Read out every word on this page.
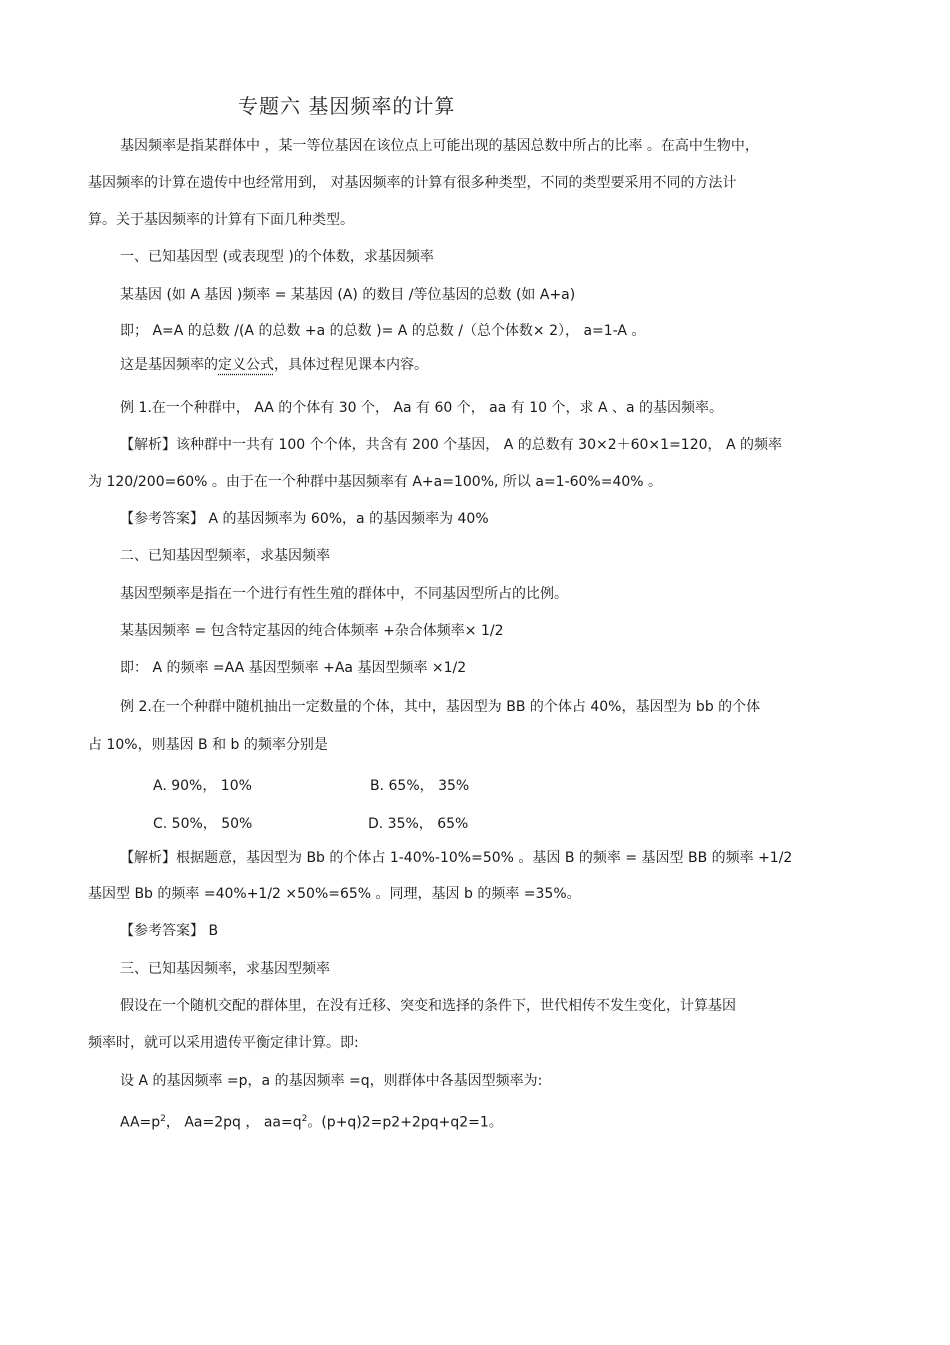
专题六 基因频率的计算
基因频率是指某群体中 ，某一等位基因在该位点上可能出现的基因总数中所占的比率 。在高中生物中，
基因频率的计算在遗传中也经常用到， 对基因频率的计算有很多种类型，不同的类型要采用不同的方法计
算。关于基因频率的计算有下面几种类型。
一、已知基因型 (或表现型 )的个体数，求基因频率
某基因 (如 A 基因 )频率 = 某基因 (A) 的数目 /等位基因的总数 (如 A+a)
即； A=A 的总数 /(A 的总数 +a 的总数 )= A 的总数 /（总个体数× 2）， a=1-A 。
这是基因频率的定义公式，具体过程见课本内容。
例 1.在一个种群中， AA 的个体有 30 个， Aa 有 60 个， aa 有 10 个，求 A 、a 的基因频率。
【解析】该种群中一共有 100 个个体，共含有 200 个基因， A 的总数有 30×2＋60×1=120， A 的频率
为 120/200=60% 。由于在一个种群中基因频率有 A+a=100%, 所以 a=1-60%=40% 。
【参考答案】 A 的基因频率为 60%，a 的基因频率为 40%
二、已知基因型频率，求基因频率
基因型频率是指在一个进行有性生殖的群体中，不同基因型所占的比例。
某基因频率 = 包含特定基因的纯合体频率 +杂合体频率× 1/2
即： A 的频率 =AA 基因型频率 +Aa 基因型频率 ×1/2
例 2.在一个种群中随机抽出一定数量的个体，其中，基因型为 BB 的个体占 40%，基因型为 bb 的个体
占 10%，则基因 B 和 b 的频率分别是
A. 90%， 10%	B. 65%， 35%
C. 50%， 50%	D. 35%， 65%
【解析】根据题意，基因型为 Bb 的个体占 1-40%-10%=50% 。基因 B 的频率 = 基因型 BB 的频率 +1/2
基因型 Bb 的频率 =40%+1/2 ×50%=65% 。同理，基因 b 的频率 =35%。
【参考答案】 B
三、已知基因频率，求基因型频率
假设在一个随机交配的群体里，在没有迁移、突变和选择的条件下，世代相传不发生变化，计算基因
频率时，就可以采用遗传平衡定律计算。即:
设 A 的基因频率 =p，a 的基因频率 =q，则群体中各基因型频率为:
$AA=p^2$， Aa=2pq ， $aa=q^2$。(p+q)2=p2+2pq+q2=1。
